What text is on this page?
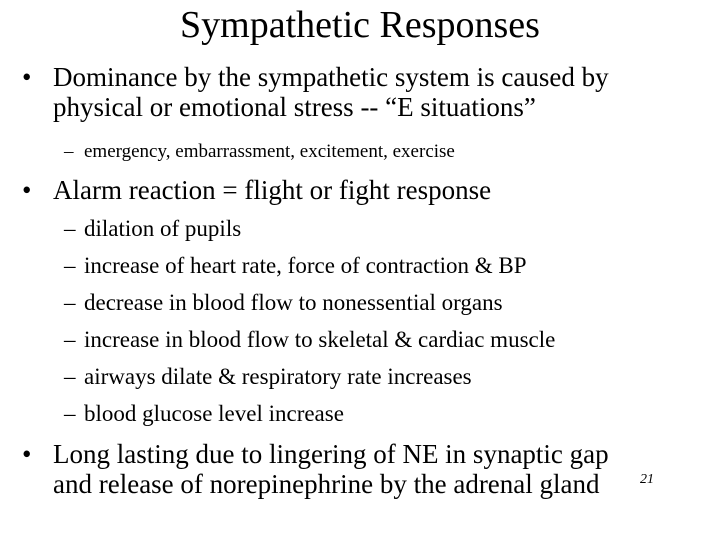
Sympathetic Responses
• Dominance by the sympathetic system is caused by
physical or emotional stress -- “E situations”
– emergency, embarrassment, excitement, exercise
• Alarm reaction = flight or fight response
– dilation of pupils
– increase of heart rate, force of contraction & BP
– decrease in blood flow to nonessential organs
– increase in blood flow to skeletal & cardiac muscle
– airways dilate & respiratory rate increases
– blood glucose level increase
• Long lasting due to lingering of NE in synaptic gap
and release of norepinephrine by the adrenal gland	21
